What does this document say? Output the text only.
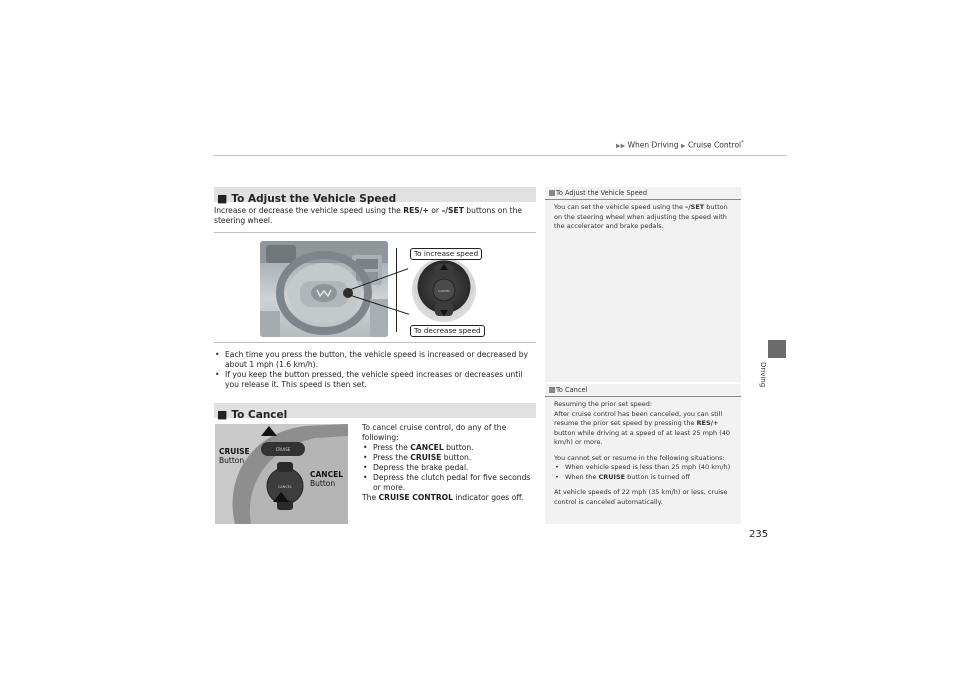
▶▶ When Driving ▶ Cruise Control*
Driving
■ To Adjust the Vehicle Speed
Increase or decrease the vehicle speed using the RES/+ or –/SET buttons on the steering wheel.
CANCEL
To increase speed
To decrease speed
• Each time you press the button, the vehicle speed is increased or decreased by about 1 mph (1.6 km/h).
• If you keep the button pressed, the vehicle speed increases or decreases until you release it. This speed is then set.
■ To Cancel
CRUISE
CANCEL
CRUISE
Button
CANCEL
Button
To cancel cruise control, do any of the following:
• Press the CANCEL button.
• Press the CRUISE button.
• Depress the brake pedal.
• Depress the clutch pedal for five seconds or more.
The CRUISE CONTROL indicator goes off.
To Adjust the Vehicle Speed
You can set the vehicle speed using the –/SET button on the steering wheel when adjusting the speed with the accelerator and brake pedals.
To Cancel
Resuming the prior set speed:
After cruise control has been canceled, you can still resume the prior set speed by pressing the RES/+ button while driving at a speed of at least 25 mph (40 km/h) or more.
You cannot set or resume in the following situations:
• When vehicle speed is less than 25 mph (40 km/h)
• When the CRUISE button is turned off
At vehicle speeds of 22 mph (35 km/h) or less, cruise control is canceled automatically.
235
